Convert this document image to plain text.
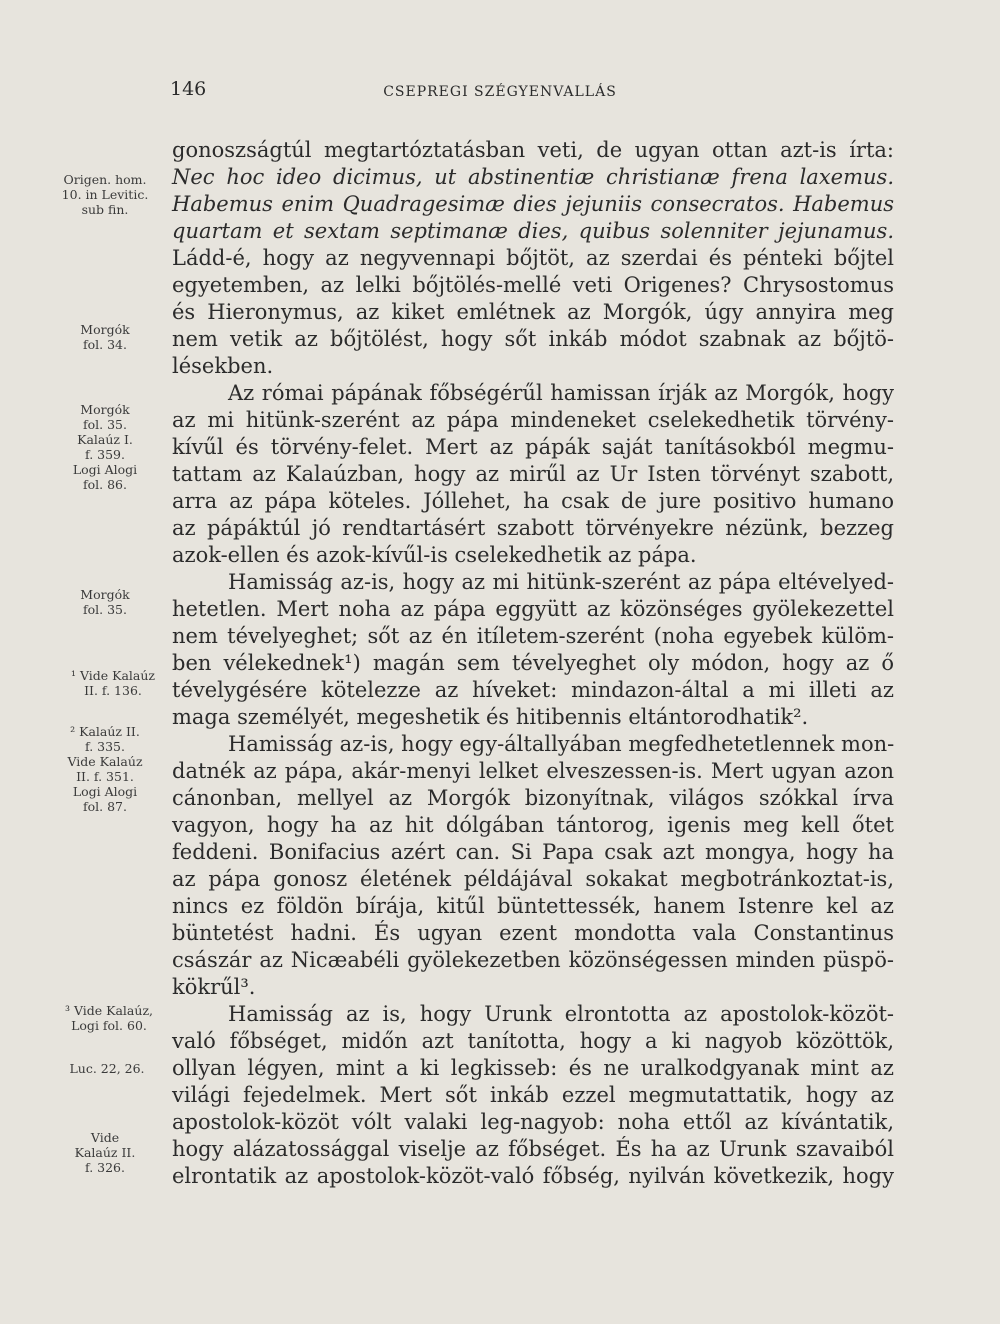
146	CSEPREGI SZÉGYENVALLÁS
Origen. hom.
10. in Levitic.
sub fin.
Morgók
fol. 34.
Morgók
fol. 35.
Kalaúz I.
f. 359.
Logi Alogi
fol. 86.
Morgók
fol. 35.
¹ Vide Kalaúz
II. f. 136.
² Kalaúz II.
f. 335.
Vide Kalaúz
II. f. 351.
Logi Alogi
fol. 87.
³ Vide Kalaúz,
Logi fol. 60.
Luc. 22, 26.
Vide
Kalaúz II.
f. 326.
gonoszságtúl megtartóztatásban veti, de ugyan ottan azt-is írta:
Nec hoc ideo dicimus, ut abstinentiæ christianæ frena laxemus.
Habemus enim Quadragesimæ dies jejuniis consecratos. Habemus
quartam et sextam septimanæ dies, quibus solenniter jejunamus.
Ládd-é, hogy az negyvennapi bőjtöt, az szerdai és pénteki bőjtel
egyetemben, az lelki bőjtölés-mellé veti Origenes? Chrysostomus
és Hieronymus, az kiket emlétnek az Morgók, úgy annyira meg
nem vetik az bőjtölést, hogy sőt inkáb módot szabnak az bőjtö-
lésekben.
Az római pápának főbségérűl hamissan írják az Morgók, hogy
az mi hitünk-szerént az pápa mindeneket cselekedhetik törvény-
kívűl és törvény-felet. Mert az pápák saját tanításokból megmu-
tattam az Kalaúzban, hogy az mirűl az Ur Isten törvényt szabott,
arra az pápa köteles. Jóllehet, ha csak de jure positivo humano
az pápáktúl jó rendtartásért szabott törvényekre nézünk, bezzeg
azok-ellen és azok-kívűl-is cselekedhetik az pápa.
Hamisság az-is, hogy az mi hitünk-szerént az pápa eltévelyed-
hetetlen. Mert noha az pápa eggyütt az közönséges gyölekezettel
nem tévelyeghet; sőt az én itíletem-szerént (noha egyebek külöm-
ben vélekednek¹) magán sem tévelyeghet oly módon, hogy az ő
tévelygésére kötelezze az híveket: mindazon-által a mi illeti az
maga személyét, megeshetik és hitibennis eltántorodhatik².
Hamisság az-is, hogy egy-általlyában megfedhetetlennek mon-
datnék az pápa, akár-menyi lelket elveszessen-is. Mert ugyan azon
cánonban, mellyel az Morgók bizonyítnak, világos szókkal írva
vagyon, hogy ha az hit dólgában tántorog, igenis meg kell őtet
feddeni. Bonifacius azért can. Si Papa csak azt mongya, hogy ha
az pápa gonosz életének példájával sokakat megbotránkoztat-is,
nincs ez földön bírája, kitűl büntettessék, hanem Istenre kel az
büntetést hadni. És ugyan ezent mondotta vala Constantinus
császár az Nicæabéli gyölekezetben közönségessen minden püspö-
kökrűl³.
Hamisság az is, hogy Urunk elrontotta az apostolok-közöt-
való főbséget, midőn azt tanította, hogy a ki nagyob közöttök,
ollyan légyen, mint a ki legkisseb: és ne uralkodgyanak mint az
világi fejedelmek. Mert sőt inkáb ezzel megmutattatik, hogy az
apostolok-közöt vólt valaki leg-nagyob: noha ettől az kívántatik,
hogy alázatossággal viselje az főbséget. És ha az Urunk szavaiból
elrontatik az apostolok-közöt-való főbség, nyilván következik, hogy
